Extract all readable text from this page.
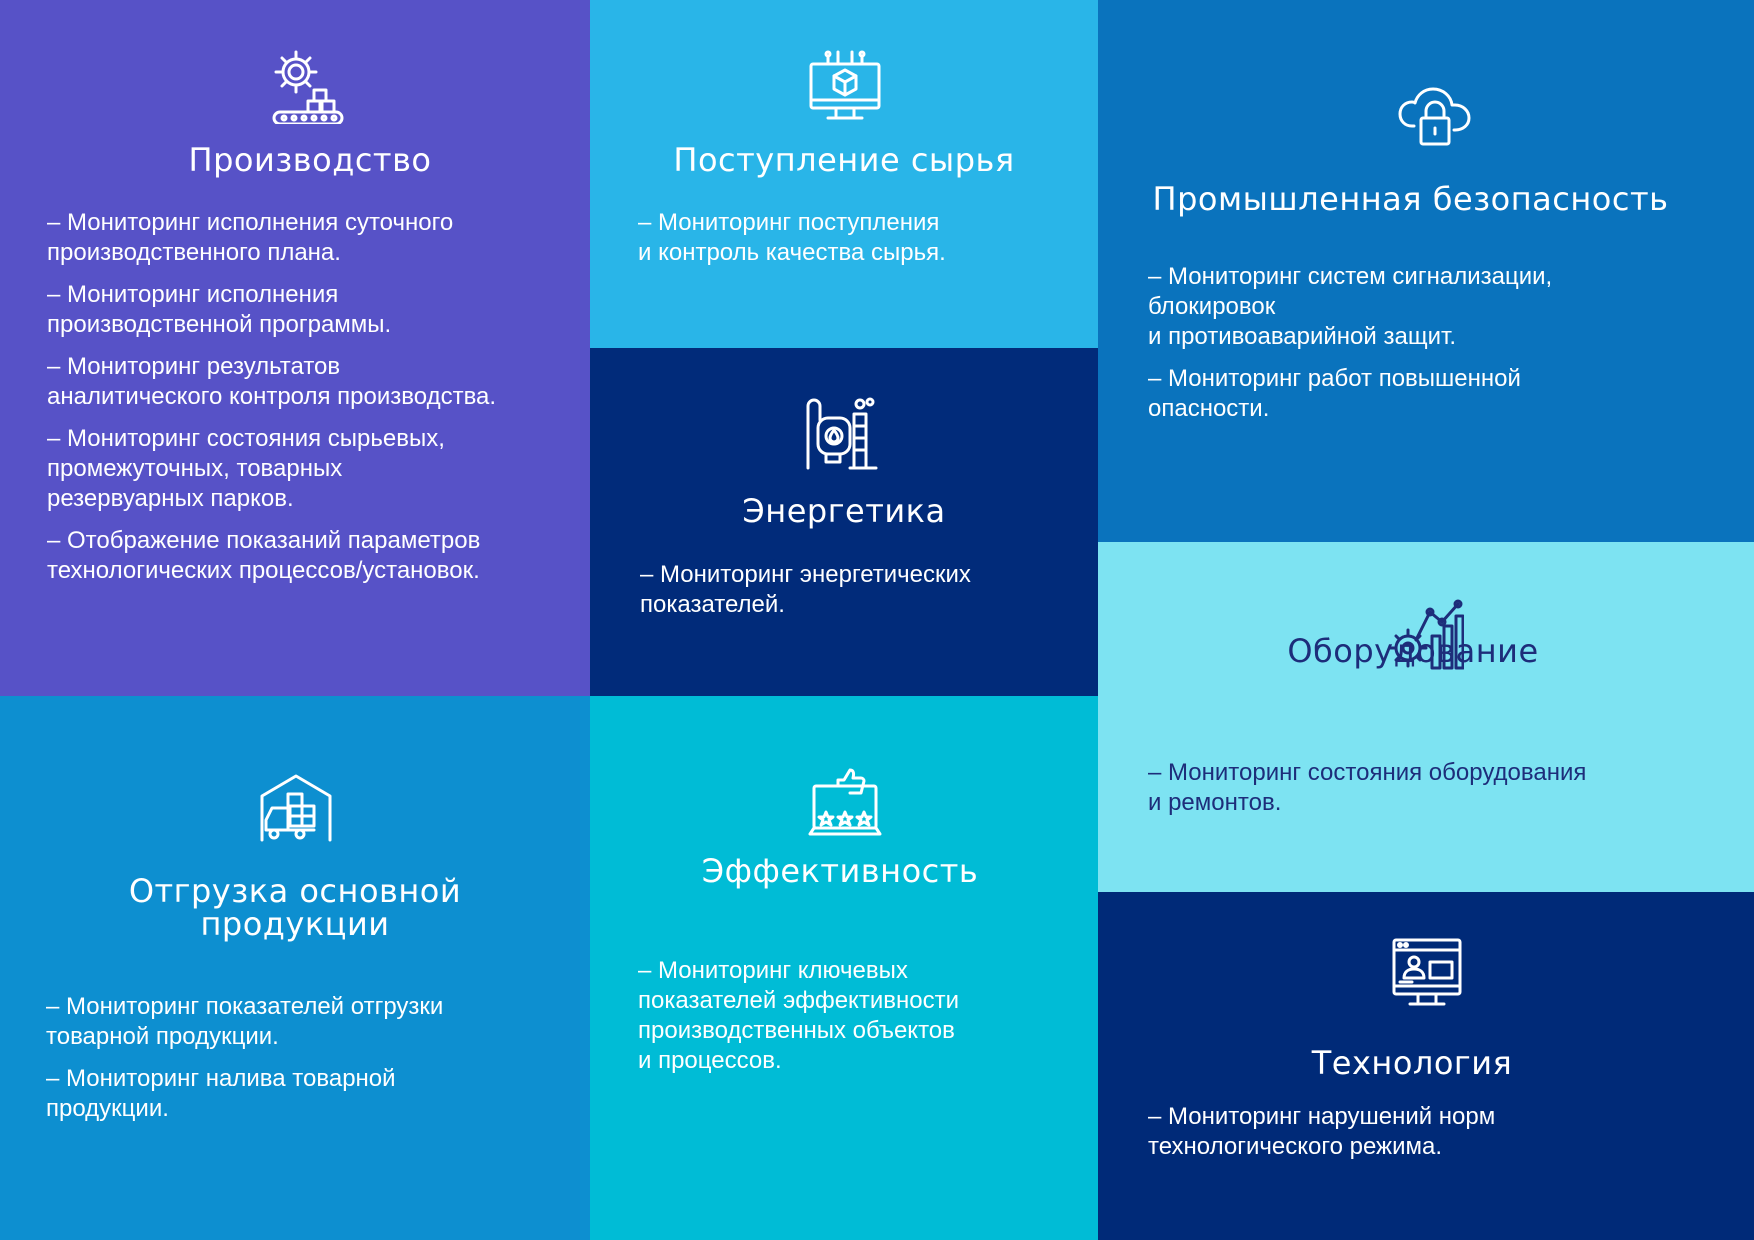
Производство
– Мониторинг исполнения суточного
производственного плана.
– Мониторинг исполнения
производственной программы.
– Мониторинг результатов
аналитического контроля производства.
– Мониторинг состояния сырьевых,
промежуточных, товарных
резервуарных парков.
– Отображение показаний параметров
технологических процессов/установок.
Поступление сырья
– Мониторинг поступления
и контроль качества сырья.
Промышленная безопасность
– Мониторинг систем сигнализации,
блокировок
и противоаварийной защит.
– Мониторинг работ повышенной
опасности.
Энергетика
– Мониторинг энергетических
показателей.
Оборудование
– Мониторинг состояния оборудования
и ремонтов.
Отгрузка основной
продукции
– Мониторинг показателей отгрузки
товарной продукции.
– Мониторинг налива товарной
продукции.
Эффективность
– Мониторинг ключевых
показателей эффективности
производственных объектов
и процессов.	Технология
– Мониторинг нарушений норм
технологического режима.
